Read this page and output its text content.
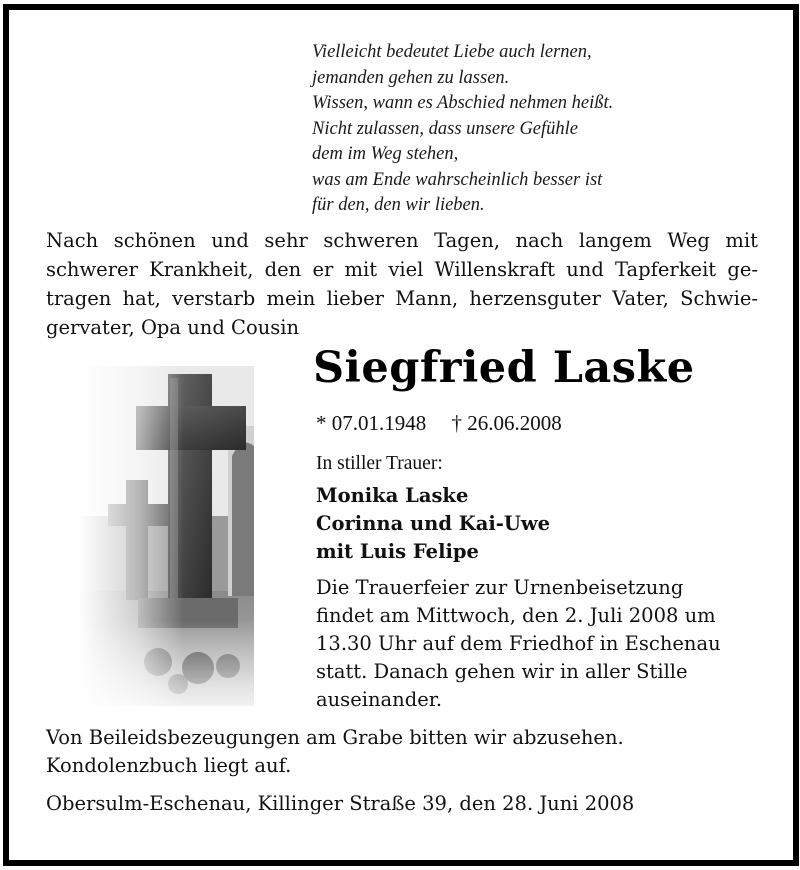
Vielleicht bedeutet Liebe auch lernen,
jemanden gehen zu lassen.
Wissen, wann es Abschied nehmen heißt.
Nicht zulassen, dass unsere Gefühle
dem im Weg stehen,
was am Ende wahrscheinlich besser ist
für den, den wir lieben.
Nach schönen und sehr schweren Tagen, nach langem Weg mit
schwerer Krankheit, den er mit viel Willenskraft und Tapferkeit ge-
tragen hat, verstarb mein lieber Mann, herzensguter Vater, Schwie-
gervater, Opa und Cousin
Siegfried Laske
* 07.01.1948 † 26.06.2008
In stiller Trauer:
Monika Laske
Corinna und Kai-Uwe
mit Luis Felipe
Die Trauerfeier zur Urnenbeisetzung
findet am Mittwoch, den 2. Juli 2008 um
13.30 Uhr auf dem Friedhof in Eschenau
statt. Danach gehen wir in aller Stille
auseinander.
Von Beileidsbezeugungen am Grabe bitten wir abzusehen.
Kondolenzbuch liegt auf.
Obersulm-Eschenau, Killinger Straße 39, den 28. Juni 2008
